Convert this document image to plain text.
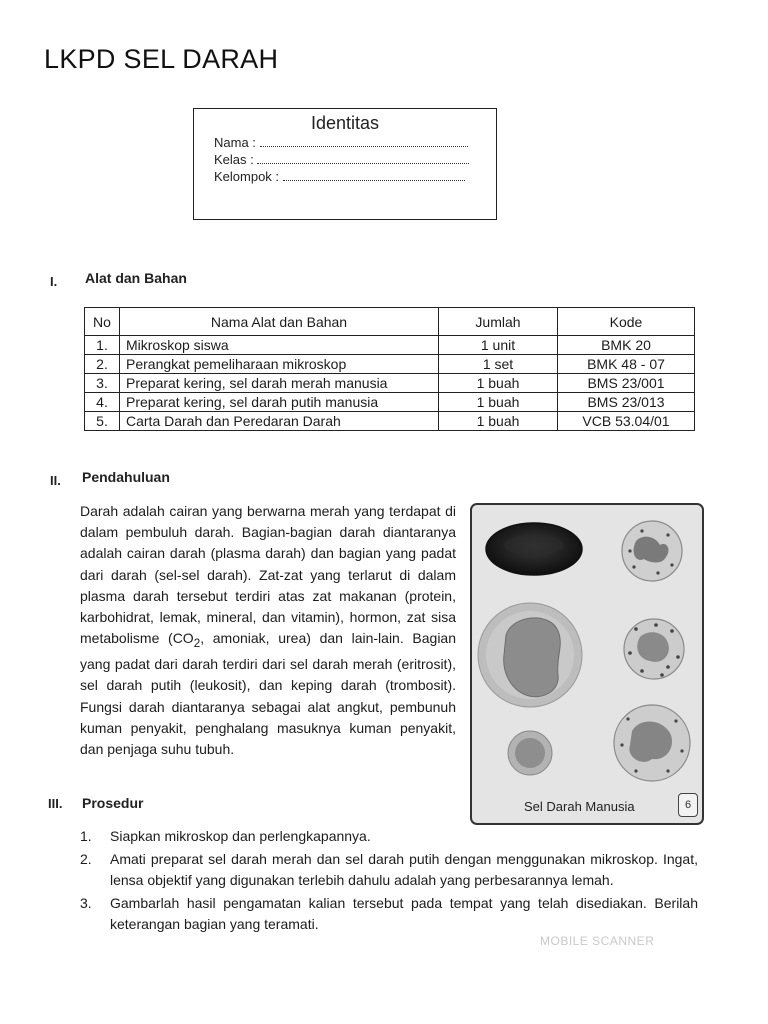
LKPD SEL DARAH
Identitas
Nama :
Kelas :
Kelompok :
I. Alat dan Bahan
No	Nama Alat dan Bahan	Jumlah	Kode
1.	Mikroskop siswa	1 unit	BMK 20
2.	Perangkat pemeliharaan mikroskop	1 set	BMK 48 - 07
3.	Preparat kering, sel darah merah manusia	1 buah	BMS 23/001
4.	Preparat kering, sel darah putih manusia	1 buah	BMS 23/013
5.	Carta Darah dan Peredaran Darah	1 buah	VCB 53.04/01
II. Pendahuluan
Darah adalah cairan yang berwarna merah yang terdapat di dalam pembuluh darah. Bagian-bagian darah diantaranya adalah cairan darah (plasma darah) dan bagian yang padat dari darah (sel-sel darah). Zat-zat yang terlarut di dalam plasma darah tersebut terdiri atas zat makanan (protein, karbohidrat, lemak, mineral, dan vitamin), hormon, zat sisa metabolisme ($CO_2$, amoniak, urea) dan lain-lain. Bagian yang padat dari darah terdiri dari sel darah merah (eritrosit), sel darah putih (leukosit), dan keping darah (trombosit). Fungsi darah diantaranya sebagai alat angkut, pembunuh kuman penyakit, penghalang masuknya kuman penyakit, dan penjaga suhu tubuh.
Sel Darah Manusia	6
III. Prosedur
1. Siapkan mikroskop dan perlengkapannya.
2. Amati preparat sel darah merah dan sel darah putih dengan menggunakan mikroskop. Ingat, lensa objektif yang digunakan terlebih dahulu adalah yang perbesarannya lemah.
3. Gambarlah hasil pengamatan kalian tersebut pada tempat yang telah disediakan. Berilah keterangan bagian yang teramati.
MOBILE SCANNER
